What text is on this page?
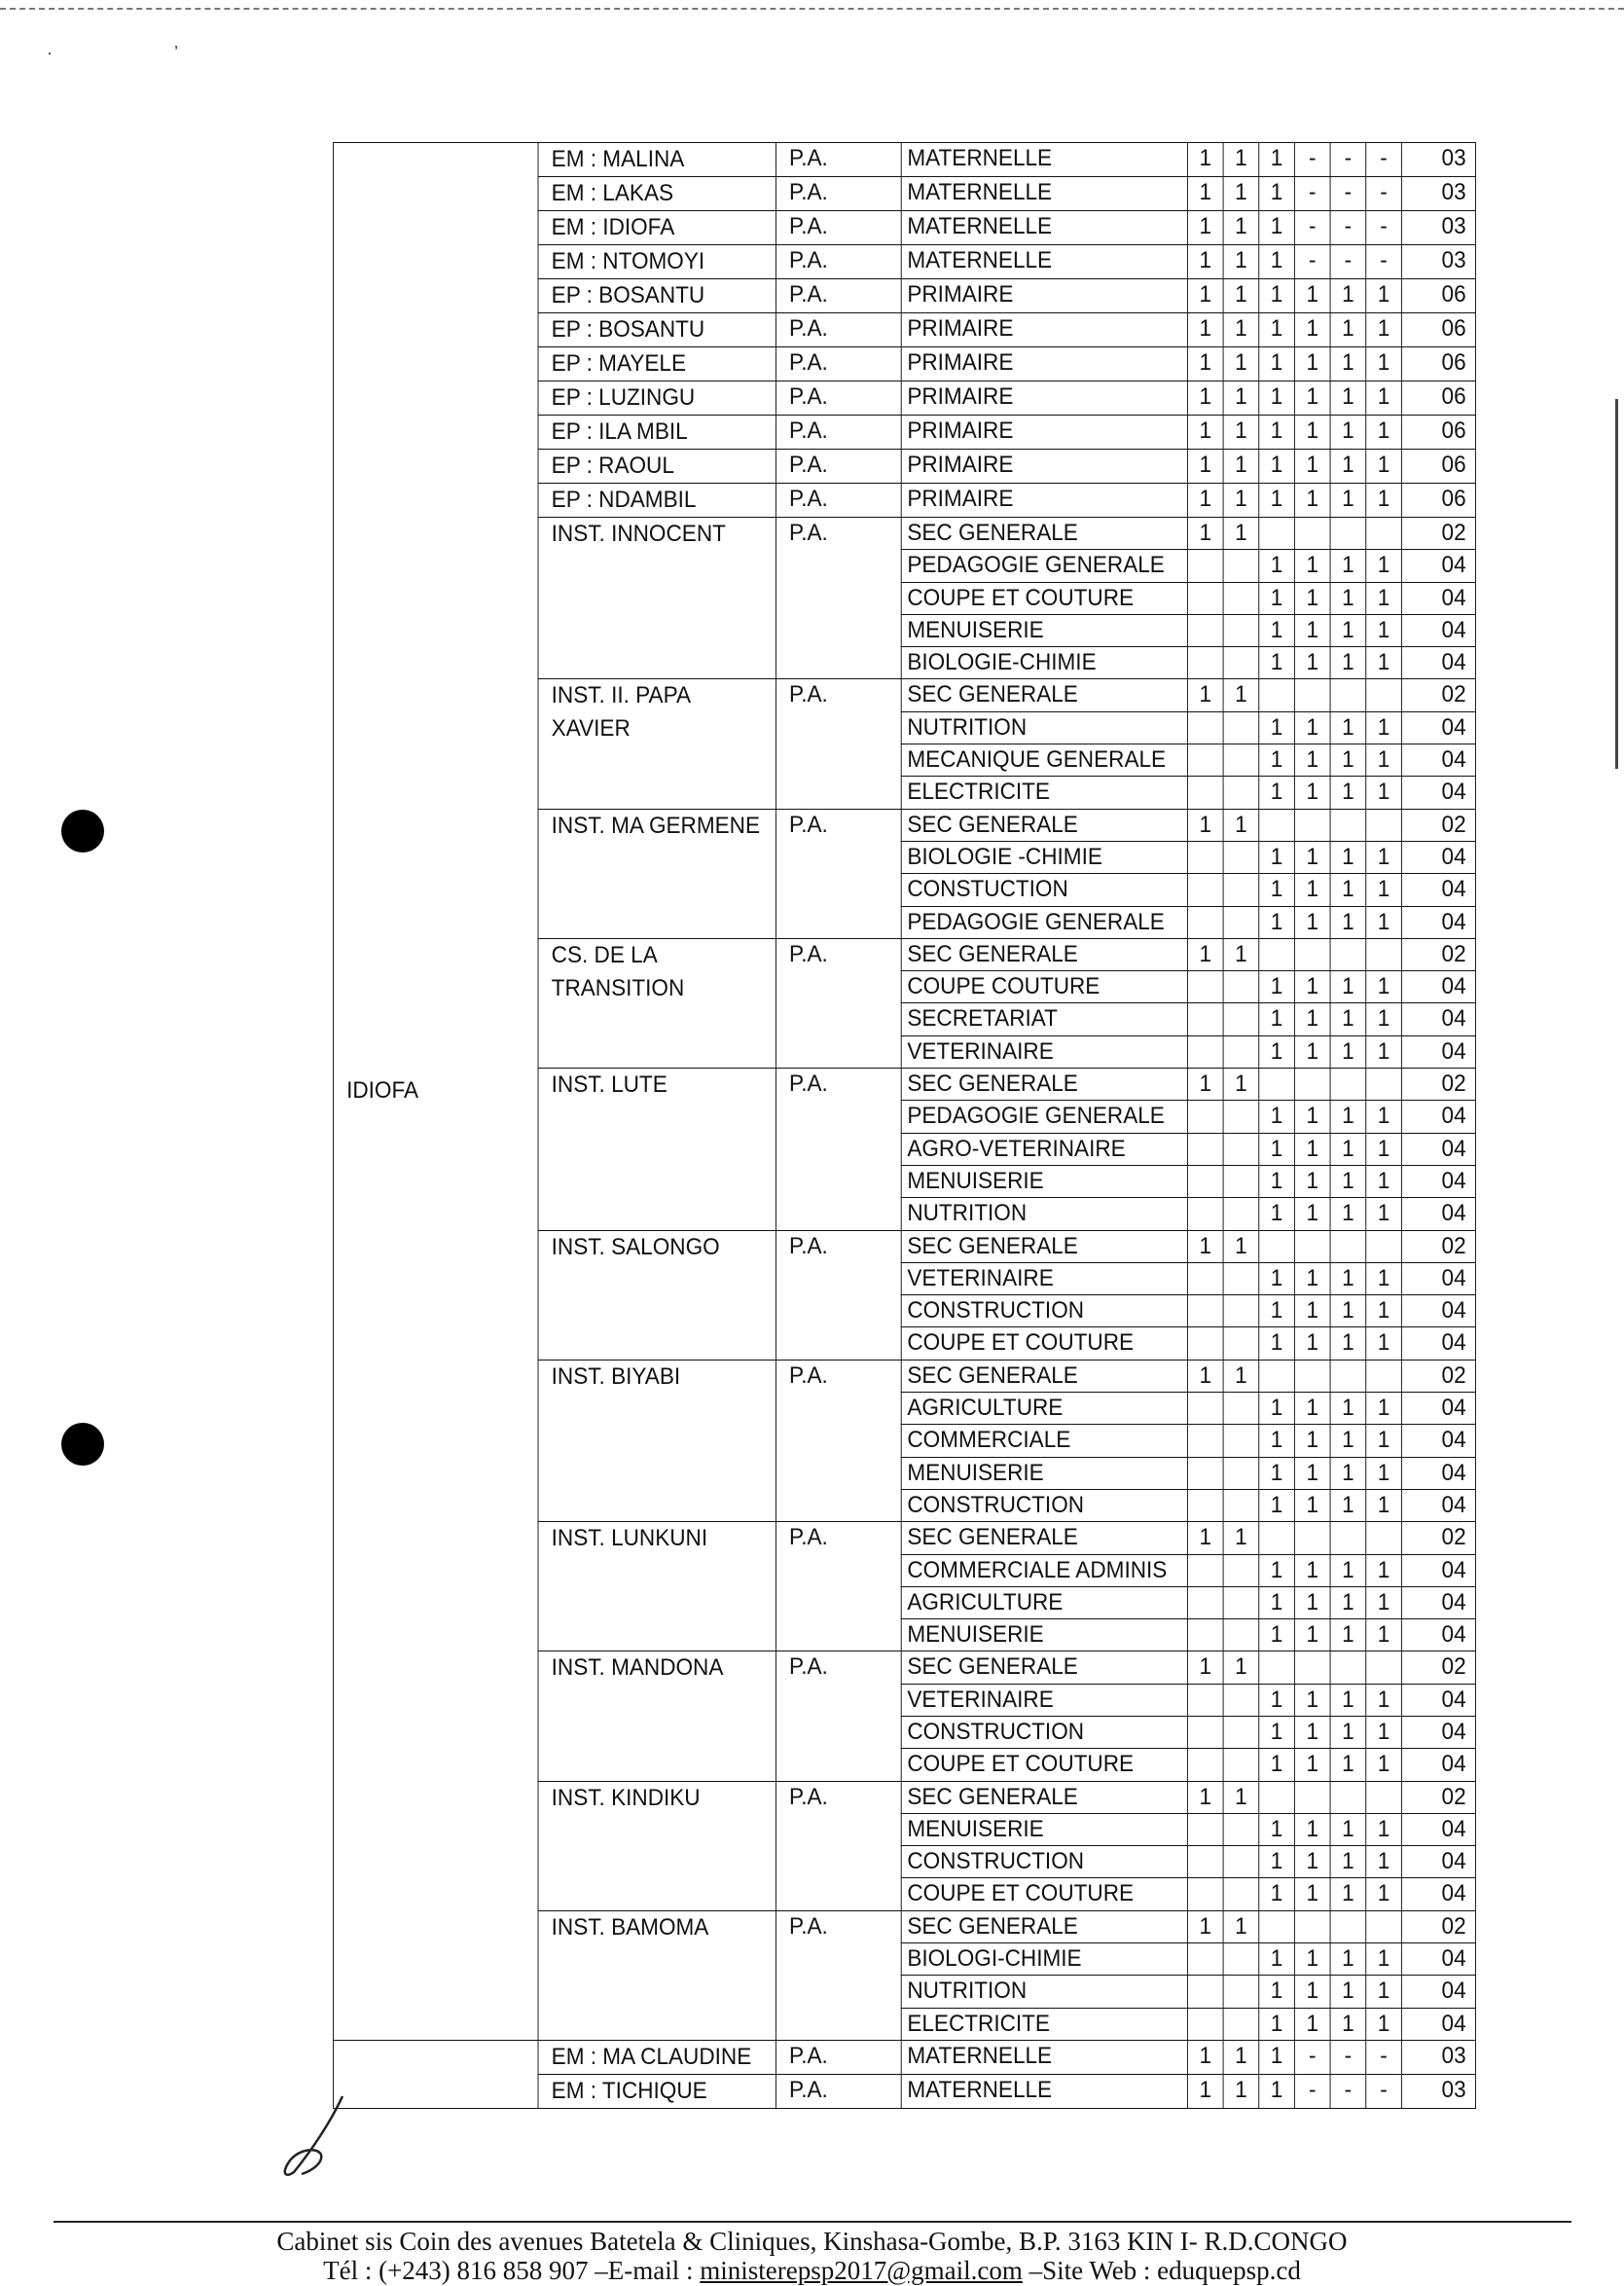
· ’
IDIOFA	EM : MALINA	P.A.	MATERNELLE	1	1	1	-	-	-	03
	EM : LAKAS	P.A.	MATERNELLE	1	1	1	-	-	-	03
	EM : IDIOFA	P.A.	MATERNELLE	1	1	1	-	-	-	03
	EM : NTOMOYI	P.A.	MATERNELLE	1	1	1	-	-	-	03
	EP : BOSANTU	P.A.	PRIMAIRE	1	1	1	1	1	1	06
	EP : BOSANTU	P.A.	PRIMAIRE	1	1	1	1	1	1	06
	EP : MAYELE	P.A.	PRIMAIRE	1	1	1	1	1	1	06
	EP : LUZINGU	P.A.	PRIMAIRE	1	1	1	1	1	1	06
	EP : ILA MBIL	P.A.	PRIMAIRE	1	1	1	1	1	1	06
	EP : RAOUL	P.A.	PRIMAIRE	1	1	1	1	1	1	06
	EP : NDAMBIL	P.A.	PRIMAIRE	1	1	1	1	1	1	06
	INST. INNOCENT	P.A.	SEC GENERALE	1	1					02
			PEDAGOGIE GENERALE			1	1	1	1	04
			COUPE ET COUTURE			1	1	1	1	04
			MENUISERIE			1	1	1	1	04
			BIOLOGIE-CHIMIE			1	1	1	1	04
	INST. II. PAPA XAVIER	P.A.	SEC GENERALE	1	1					02
			NUTRITION			1	1	1	1	04
			MECANIQUE GENERALE			1	1	1	1	04
			ELECTRICITE			1	1	1	1	04
	INST. MA GERMENE	P.A.	SEC GENERALE	1	1					02
			BIOLOGIE -CHIMIE			1	1	1	1	04
			CONSTUCTION			1	1	1	1	04
			PEDAGOGIE GENERALE			1	1	1	1	04
	CS. DE LA TRANSITION	P.A.	SEC GENERALE	1	1					02
			COUPE COUTURE			1	1	1	1	04
			SECRETARIAT			1	1	1	1	04
			VETERINAIRE			1	1	1	1	04
	INST. LUTE	P.A.	SEC GENERALE	1	1					02
			PEDAGOGIE GENERALE			1	1	1	1	04
			AGRO-VETERINAIRE			1	1	1	1	04
			MENUISERIE			1	1	1	1	04
			NUTRITION			1	1	1	1	04
	INST. SALONGO	P.A.	SEC GENERALE	1	1					02
			VETERINAIRE			1	1	1	1	04
			CONSTRUCTION			1	1	1	1	04
			COUPE ET COUTURE			1	1	1	1	04
	INST. BIYABI	P.A.	SEC GENERALE	1	1					02
			AGRICULTURE			1	1	1	1	04
			COMMERCIALE			1	1	1	1	04
			MENUISERIE			1	1	1	1	04
			CONSTRUCTION			1	1	1	1	04
	INST. LUNKUNI	P.A.	SEC GENERALE	1	1					02
			COMMERCIALE ADMINIS			1	1	1	1	04
			AGRICULTURE			1	1	1	1	04
			MENUISERIE			1	1	1	1	04
	INST. MANDONA	P.A.	SEC GENERALE	1	1					02
			VETERINAIRE			1	1	1	1	04
			CONSTRUCTION			1	1	1	1	04
			COUPE ET COUTURE			1	1	1	1	04
	INST. KINDIKU	P.A.	SEC GENERALE	1	1					02
			MENUISERIE			1	1	1	1	04
			CONSTRUCTION			1	1	1	1	04
			COUPE ET COUTURE			1	1	1	1	04
	INST. BAMOMA	P.A.	SEC GENERALE	1	1					02
			BIOLOGI-CHIMIE			1	1	1	1	04
			NUTRITION			1	1	1	1	04
			ELECTRICITE			1	1	1	1	04
	EM : MA CLAUDINE	P.A.	MATERNELLE	1	1	1	-	-	-	03
	EM : TICHIQUE	P.A.	MATERNELLE	1	1	1	-	-	-	03
Cabinet sis Coin des avenues Batetela & Cliniques, Kinshasa-Gombe, B.P. 3163 KIN I- R.D.CONGO
Tél : (+243) 816 858 907 –E-mail : ministerepsp2017@gmail.com –Site Web : eduquepsp.cd
